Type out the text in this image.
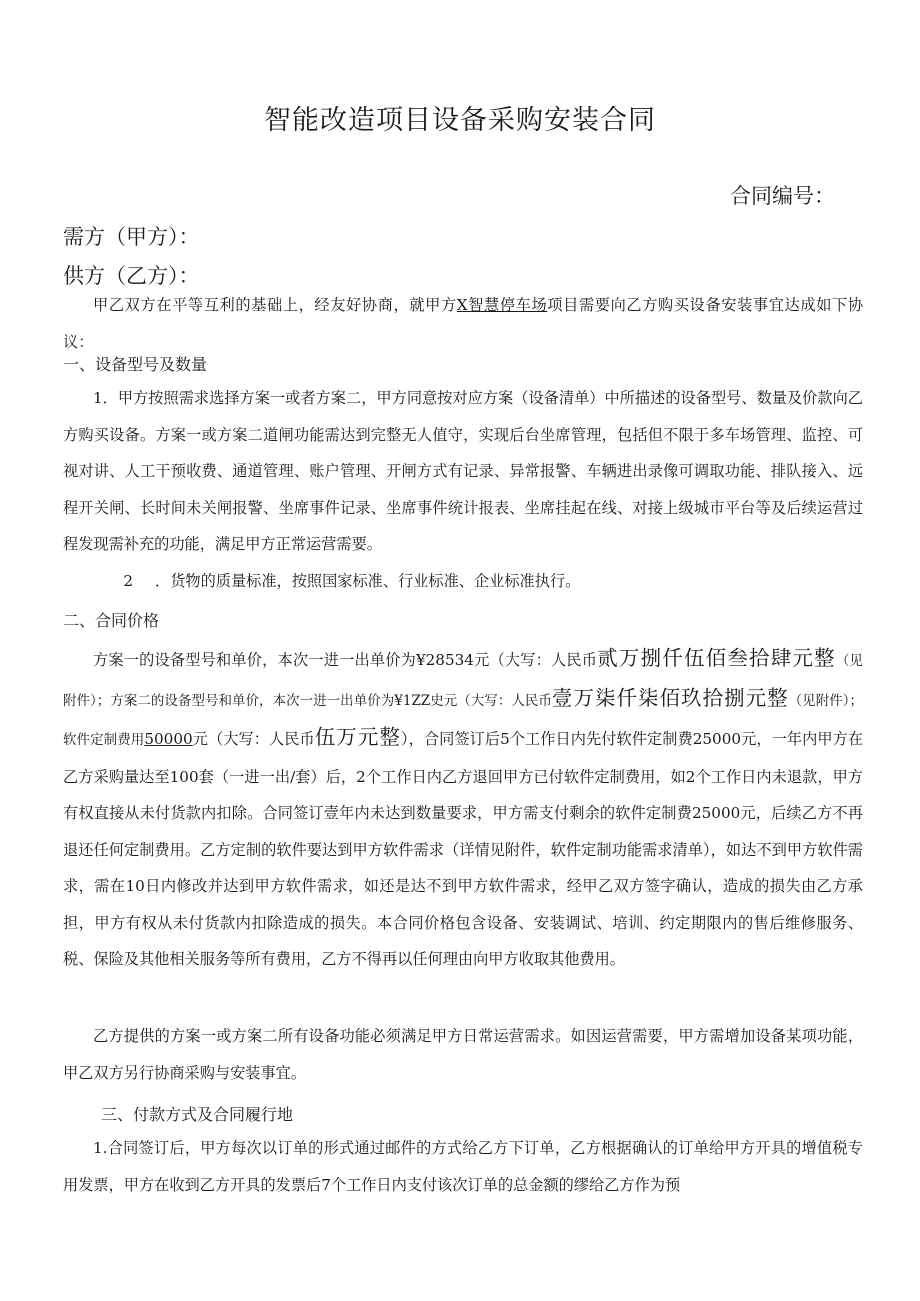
智能改造项目设备采购安装合同
合同编号：
需方（甲方）：
供方（乙方）：
甲乙双方在平等互利的基础上，经友好协商，就甲方X智慧停车场项目需要向乙方购买设备安装事宜达成如下协议：
一、设备型号及数量
1．甲方按照需求选择方案一或者方案二，甲方同意按对应方案（设备清单）中所描述的设备型号、数量及价款向乙方购买设备。方案一或方案二道闸功能需达到完整无人值守，实现后台坐席管理，包括但不限于多车场管理、监控、可视对讲、人工干预收费、通道管理、账户管理、开闸方式有记录、异常报警、车辆进出录像可调取功能、排队接入、远程开关闸、长时间未关闸报警、坐席事件记录、坐席事件统计报表、坐席挂起在线、对接上级城市平台等及后续运营过程发现需补充的功能，满足甲方正常运营需要。
2 ．货物的质量标准，按照国家标准、行业标准、企业标准执行。
二、合同价格
方案一的设备型号和单价，本次一进一出单价为¥28534元（大写：人民币贰万捌仟伍佰叁拾肆元整（见附件）；方案二的设备型号和单价，本次一进一出单价为¥1ZZ史元（大写：人民币壹万柒仟柒佰玖拾捌元整（见附件）；软件定制费用50000元（大写：人民币伍万元整），合同签订后5个工作日内先付软件定制费25000元，一年内甲方在乙方采购量达至100套（一进一出/套）后，2个工作日内乙方退回甲方已付软件定制费用，如2个工作日内未退款，甲方有权直接从未付货款内扣除。合同签订壹年内未达到数量要求，甲方需支付剩余的软件定制费25000元，后续乙方不再退还任何定制费用。乙方定制的软件要达到甲方软件需求（详情见附件，软件定制功能需求清单），如达不到甲方软件需求，需在10日内修改并达到甲方软件需求，如还是达不到甲方软件需求，经甲乙双方签字确认，造成的损失由乙方承担，甲方有权从未付货款内扣除造成的损失。本合同价格包含设备、安装调试、培训、约定期限内的售后维修服务、税、保险及其他相关服务等所有费用，乙方不得再以任何理由向甲方收取其他费用。
乙方提供的方案一或方案二所有设备功能必须满足甲方日常运营需求。如因运营需要，甲方需增加设备某项功能，甲乙双方另行协商采购与安装事宜。
三、付款方式及合同履行地
1.合同签订后，甲方每次以订单的形式通过邮件的方式给乙方下订单，乙方根据确认的订单给甲方开具的增值税专用发票，甲方在收到乙方开具的发票后7个工作日内支付该次订单的总金额的缪给乙方作为预
